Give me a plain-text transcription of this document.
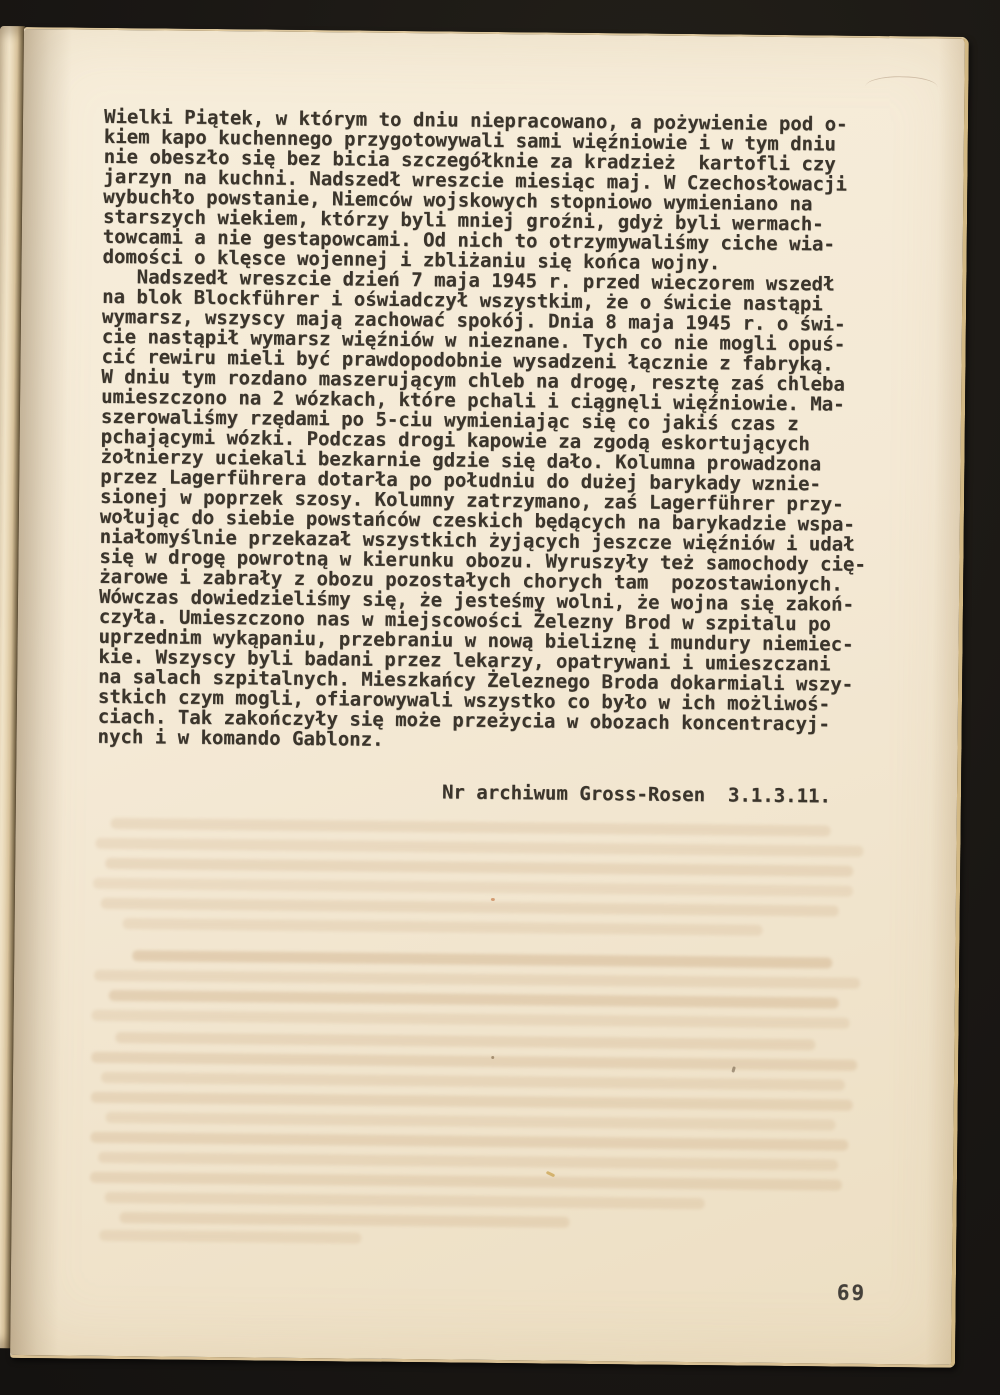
Wielki Piątek, w którym to dniu niepracowano, a pożywienie pod o-
kiem kapo kuchennego przygotowywali sami więźniowie i w tym dniu
nie obeszło się bez bicia szczegółknie za kradzież  kartofli czy
jarzyn na kuchni. Nadszedł wreszcie miesiąc maj. W Czechosłowacji
wybuchło powstanie, Niemców wojskowych stopniowo wymieniano na
starszych wiekiem, którzy byli mniej groźni, gdyż byli wermach-
towcami a nie gestapowcami. Od nich to otrzymywaliśmy ciche wia-
domości o klęsce wojennej i zbliżaniu się końca wojny.
Nadszedł wreszcie dzień 7 maja 1945 r. przed wieczorem wszedł
na blok Blockführer i oświadczył wszystkim, że o świcie nastąpi
wymarsz, wszyscy mają zachować spokój. Dnia 8 maja 1945 r. o świ-
cie nastąpił wymarsz więźniów w nieznane. Tych co nie mogli opuś-
cić rewiru mieli być prawdopodobnie wysadzeni łącznie z fabryką.
W dniu tym rozdano maszerującym chleb na drogę, resztę zaś chleba
umieszczono na 2 wózkach, które pchali i ciągnęli więźniowie. Ma-
szerowaliśmy rzędami po 5-ciu wymieniając się co jakiś czas z
pchającymi wózki. Podczas drogi kapowie za zgodą eskortujących
żołnierzy uciekali bezkarnie gdzie się dało. Kolumna prowadzona
przez Lagerführera dotarła po południu do dużej barykady wznie-
sionej w poprzek szosy. Kolumny zatrzymano, zaś Lagerführer przy-
wołując do siebie powstańców czeskich będących na barykadzie wspa-
niałomyślnie przekazał wszystkich żyjących jeszcze więźniów i udał
się w drogę powrotną w kierunku obozu. Wyruszyły też samochody cię-
żarowe i zabrały z obozu pozostałych chorych tam  pozostawionych.
Wówczas dowiedzieliśmy się, że jesteśmy wolni, że wojna się zakoń-
czyła. Umieszczono nas w miejscowości Żelezny Brod w szpitalu po
uprzednim wykąpaniu, przebraniu w nową bieliznę i mundury niemiec-
kie. Wszyscy byli badani przez lekarzy, opatrywani i umieszczani
na salach szpitalnych. Mieszkańcy Żeleznego Broda dokarmiali wszy-
stkich czym mogli, ofiarowywali wszystko co było w ich możliwoś-
ciach. Tak zakończyły się może przeżycia w obozach koncentracyj-
nych i w komando Gablonz.
Nr archiwum Gross-Rosen  3.1.3.11.
69
